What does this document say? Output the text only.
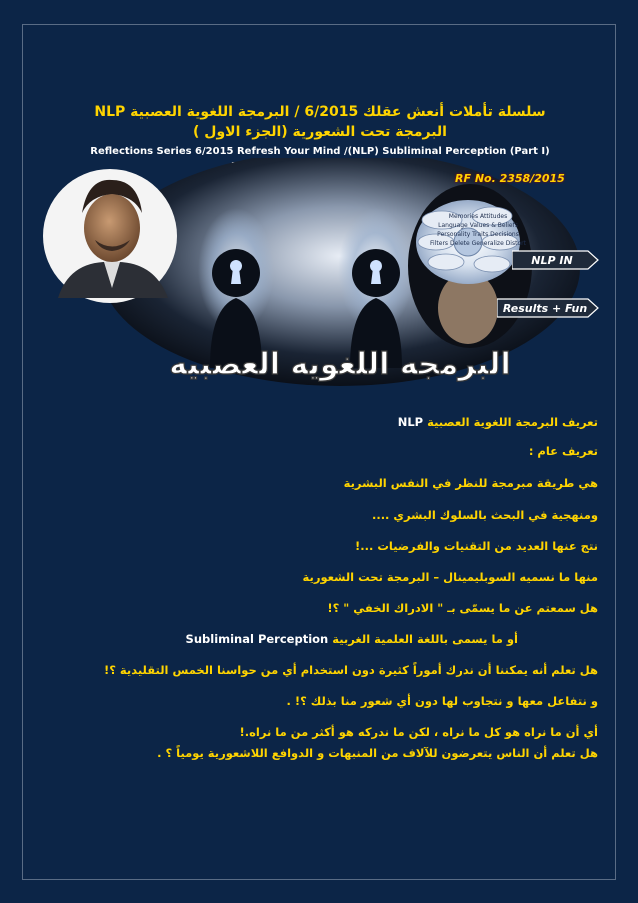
سلسلة تأملات أنعش عقلك 6/2015 / البرمجة اللغوية العصبية NLP
البرمجة تحت الشعورية (الجزء الاول )
Reflections Series 6/2015 Refresh Your Mind /(NLP) Subliminal Perception (Part I)
البرمجه اللغويه العصبيه
Memories Attitudes
Language Values & Beliefs
Personality Traits Decisions
Filters Delete Generalize Distort
RF No. 2358/2015
NLP IN
Results + Fun
تعريف البرمجة اللغوية العصبية NLP
تعريف عام :
هي طريقة مبرمجة للنظر في النفس البشرية
ومنهجية في البحث بالسلوك البشري ....
نتج عنها العديد من التقنيات والفرضيات ...!
منها ما نسميه السوبليمينال – البرمجة تحت الشعورية
هل سمعتم عن ما يسمّى بـ " الادراك الخفي " ؟!
أو ما يسمى باللغة العلمية الغربية Subliminal Perception
هل تعلم أنه يمكننا أن ندرك أموراً كثيرة دون استخدام أي من حواسنا الخمس التقليدية ؟!
و نتفاعل معها و نتجاوب لها دون أي شعور منا بذلك ؟! .
أي أن ما نراه هو كل ما نراه ، لكن ما ندركه هو أكثر من ما نراه.!
هل تعلم أن الناس يتعرضون للآلاف من المنبهات و الدوافع اللاشعورية يومياً ؟ .
